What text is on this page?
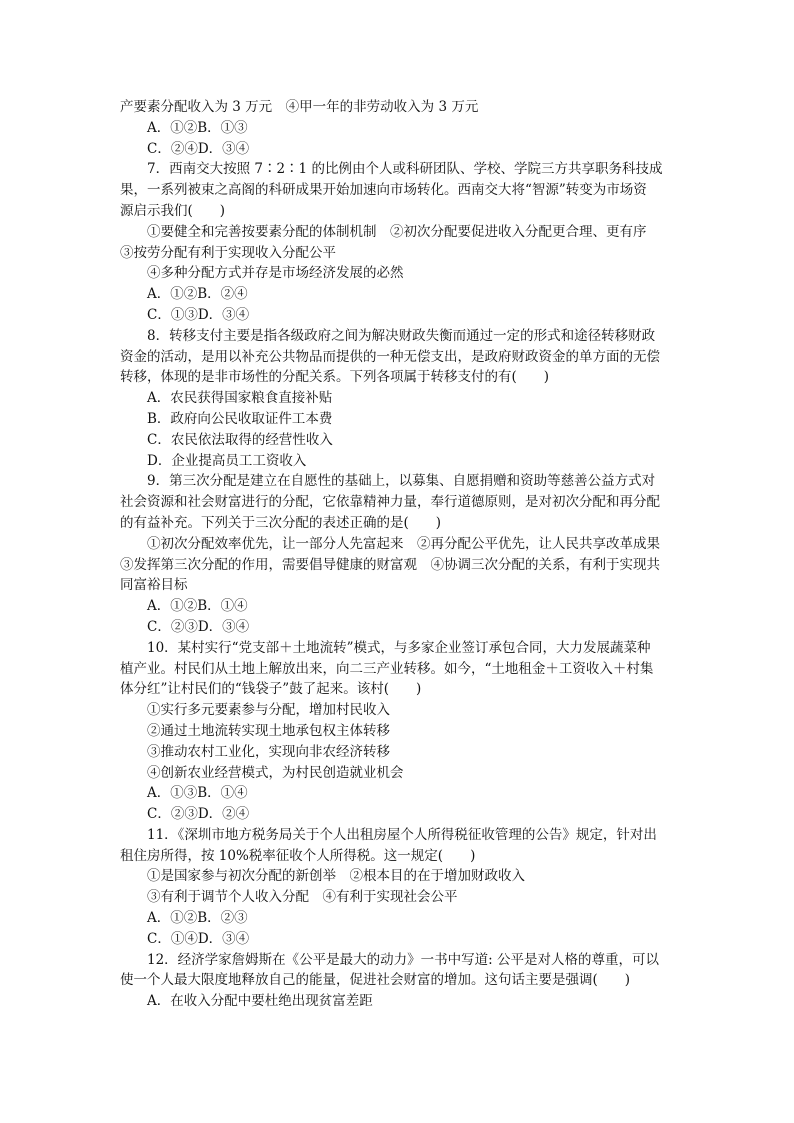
产要素分配收入为 3 万元　④甲一年的非劳动收入为 3 万元
A．①②B．①③
C．②④D．③④
7．西南交大按照 7∶2∶1 的比例由个人或科研团队、学校、学院三方共享职务科技成
果，一系列被束之高阁的科研成果开始加速向市场转化。西南交大将“智源”转变为市场资
源启示我们(　　)
①要健全和完善按要素分配的体制机制　②初次分配要促进收入分配更合理、更有序
③按劳分配有利于实现收入分配公平
④多种分配方式并存是市场经济发展的必然
A．①②B．②④
C．①③D．③④
8．转移支付主要是指各级政府之间为解决财政失衡而通过一定的形式和途径转移财政
资金的活动，是用以补充公共物品而提供的一种无偿支出，是政府财政资金的单方面的无偿
转移，体现的是非市场性的分配关系。下列各项属于转移支付的有(　　)
A．农民获得国家粮食直接补贴
B．政府向公民收取证件工本费
C．农民依法取得的经营性收入
D．企业提高员工工资收入
9．第三次分配是建立在自愿性的基础上，以募集、自愿捐赠和资助等慈善公益方式对
社会资源和社会财富进行的分配，它依靠精神力量，奉行道德原则，是对初次分配和再分配
的有益补充。下列关于三次分配的表述正确的是(　　)
①初次分配效率优先，让一部分人先富起来　②再分配公平优先，让人民共享改革成果
③发挥第三次分配的作用，需要倡导健康的财富观　④协调三次分配的关系，有利于实现共
同富裕目标
A．①②B．①④
C．②③D．③④
10．某村实行“党支部＋土地流转”模式，与多家企业签订承包合同，大力发展蔬菜种
植产业。村民们从土地上解放出来，向二三产业转移。如今，“土地租金＋工资收入＋村集
体分红”让村民们的“钱袋子”鼓了起来。该村(　　)
①实行多元要素参与分配，增加村民收入
②通过土地流转实现土地承包权主体转移
③推动农村工业化，实现向非农经济转移
④创新农业经营模式，为村民创造就业机会
A．①③B．①④
C．②③D．②④
11．《深圳市地方税务局关于个人出租房屋个人所得税征收管理的公告》规定，针对出
租住房所得，按 10%税率征收个人所得税。这一规定(　　)
①是国家参与初次分配的新创举　②根本目的在于增加财政收入
③有利于调节个人收入分配　④有利于实现社会公平
A．①②B．②③
C．①④D．③④
12．经济学家詹姆斯在《公平是最大的动力》一书中写道: 公平是对人格的尊重，可以
使一个人最大限度地释放自己的能量，促进社会财富的增加。这句话主要是强调(　　)
A．在收入分配中要杜绝出现贫富差距
